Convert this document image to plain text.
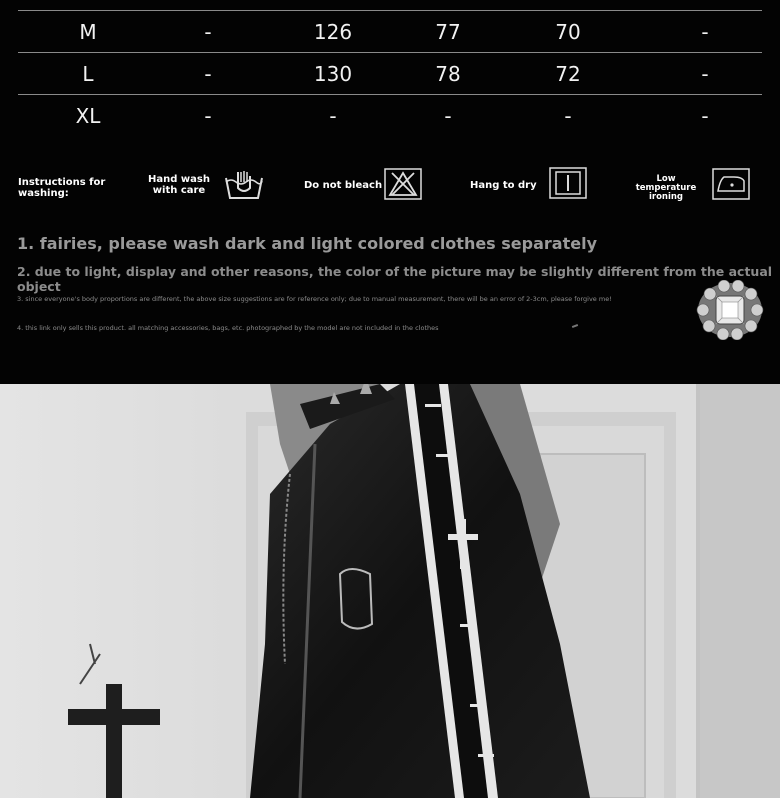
M	-	126	77	70	-
L	-	130	78	72	-
XL	-	-	-	-	-
Instructions for washing:
Hand wash with care	Do not bleach	Hang to dry
Low temperature ironing
1. fairies, please wash dark and light colored clothes separately
2. due to light, display and other reasons, the color of the picture may be slightly different from the actual object
3. since everyone's body proportions are different, the above size suggestions are for reference only; due to manual measurement, there will be an error of 2-3cm, please forgive me!
4. this link only sells this product. all matching accessories, bags, etc. photographed by the model are not included in the clothes
